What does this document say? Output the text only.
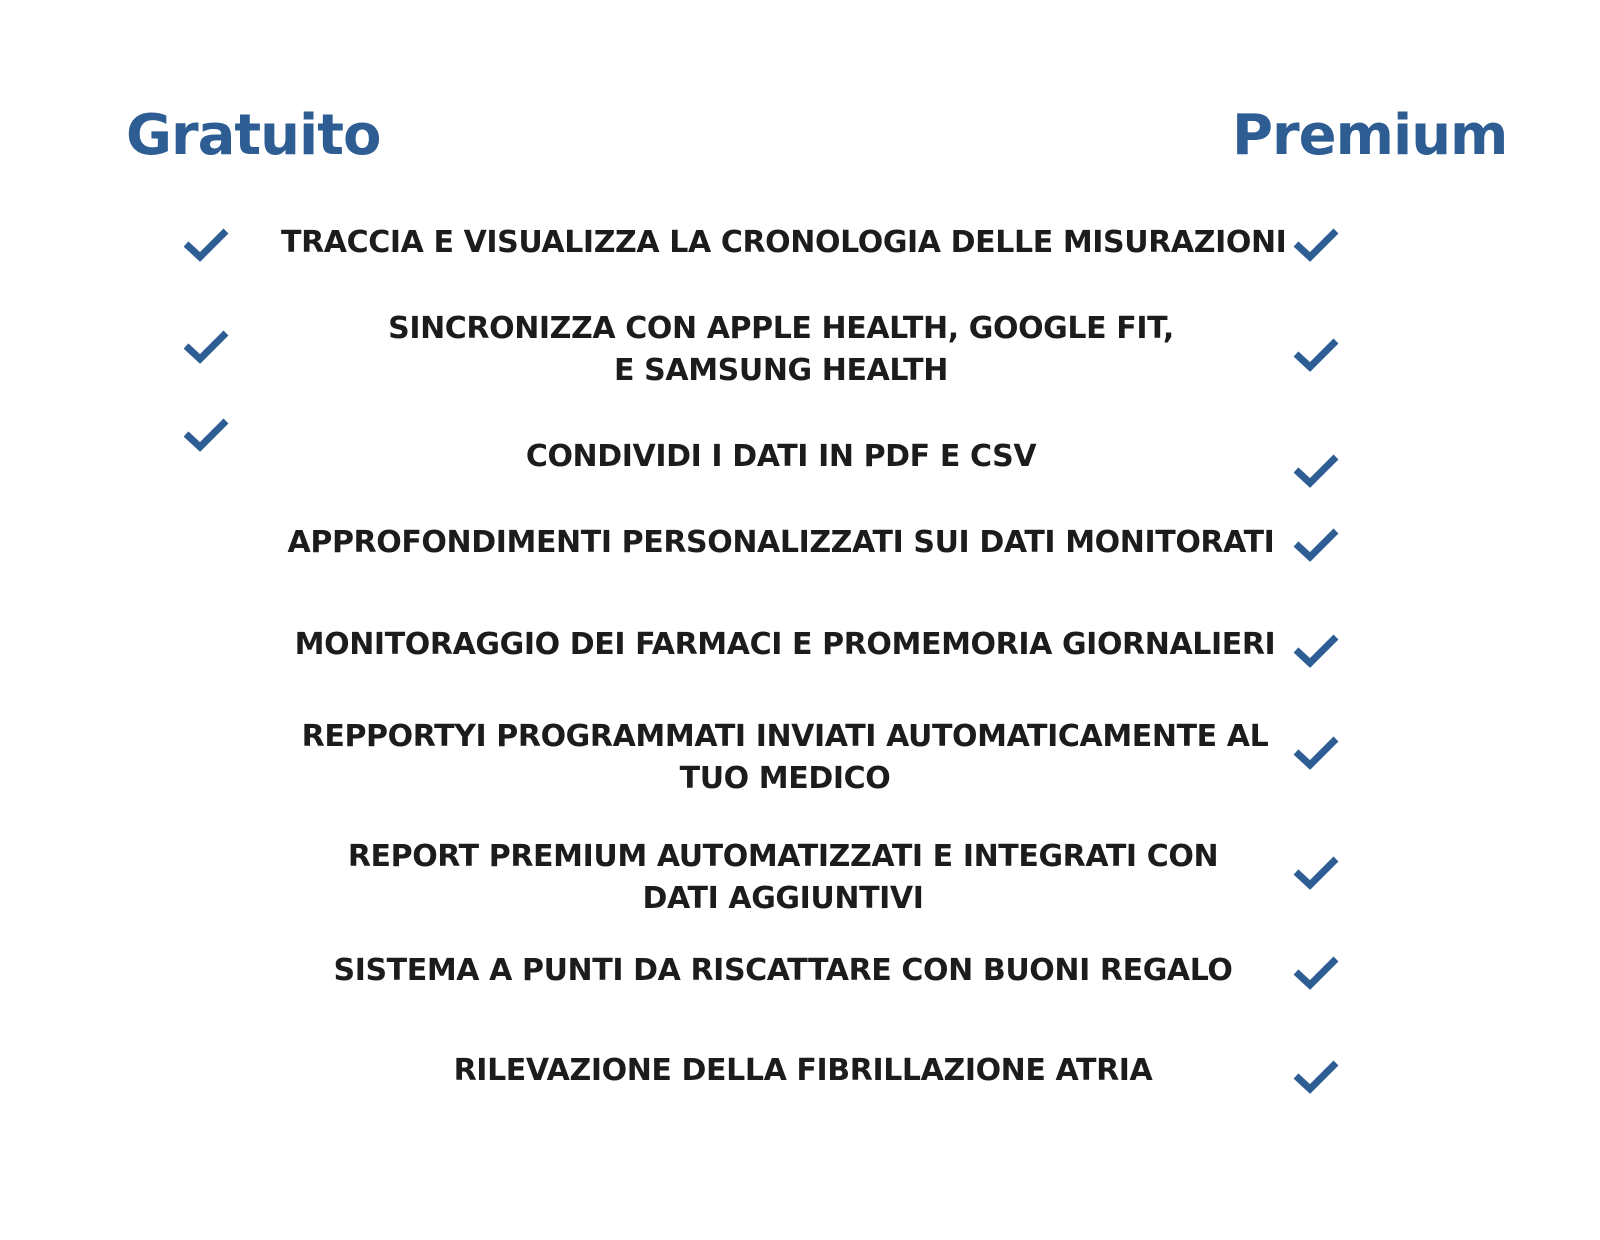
Gratuito	Premium
TRACCIA E VISUALIZZA LA CRONOLOGIA DELLE MISURAZIONI
SINCRONIZZA CON APPLE HEALTH, GOOGLE FIT,
E SAMSUNG HEALTH
CONDIVIDI I DATI IN PDF E CSV
APPROFONDIMENTI PERSONALIZZATI SUI DATI MONITORATI
MONITORAGGIO DEI FARMACI E PROMEMORIA GIORNALIERI
REPPORTYI PROGRAMMATI INVIATI AUTOMATICAMENTE AL
TUO MEDICO
REPORT PREMIUM AUTOMATIZZATI E INTEGRATI CON
DATI AGGIUNTIVI
SISTEMA A PUNTI DA RISCATTARE CON BUONI REGALO
RILEVAZIONE DELLA FIBRILLAZIONE ATRIA
